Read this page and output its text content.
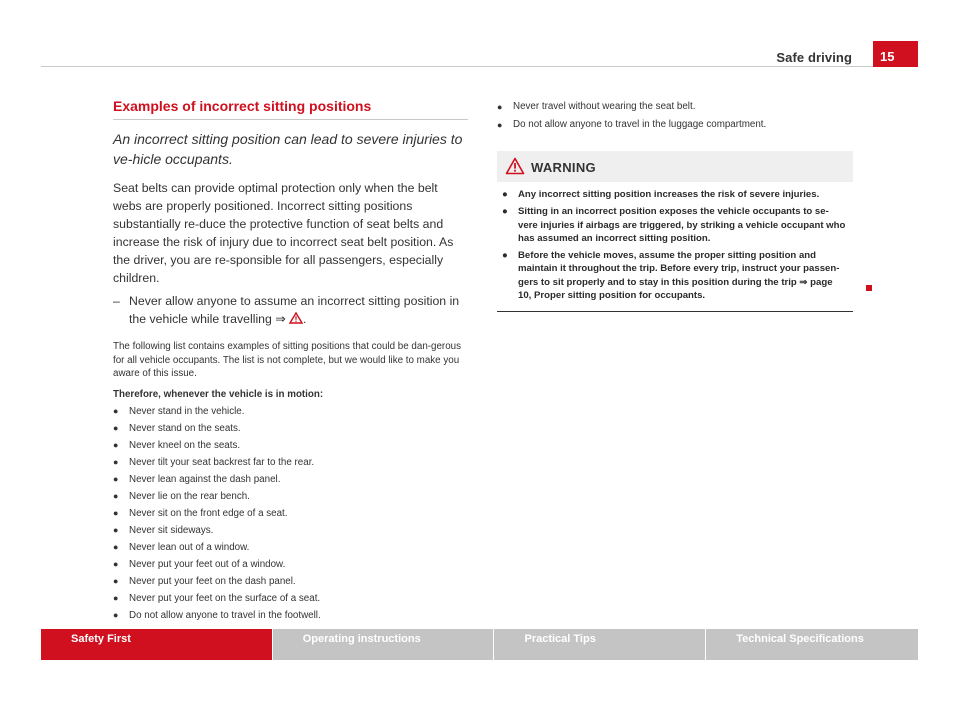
Safe driving	15
Examples of incorrect sitting positions
An incorrect sitting position can lead to severe injuries to ve-hicle occupants.
Seat belts can provide optimal protection only when the belt webs are properly positioned. Incorrect sitting positions substantially re-duce the protective function of seat belts and increase the risk of injury due to incorrect seat belt position. As the driver, you are re-sponsible for all passengers, especially children.
– Never allow anyone to assume an incorrect sitting position in the vehicle while travelling ⇒ .
The following list contains examples of sitting positions that could be dan-gerous for all vehicle occupants. The list is not complete, but we would like to make you aware of this issue.
Therefore, whenever the vehicle is in motion:
● Never stand in the vehicle.
● Never stand on the seats.
● Never kneel on the seats.
● Never tilt your seat backrest far to the rear.
● Never lean against the dash panel.
● Never lie on the rear bench.
● Never sit on the front edge of a seat.
● Never sit sideways.
● Never lean out of a window.
● Never put your feet out of a window.
● Never put your feet on the dash panel.
● Never put your feet on the surface of a seat.
● Do not allow anyone to travel in the footwell.
● Never travel without wearing the seat belt.
● Do not allow anyone to travel in the luggage compartment.
WARNING

● Any incorrect sitting position increases the risk of severe injuries.

● Sitting in an incorrect position exposes the vehicle occupants to se-vere injuries if airbags are triggered, by striking a vehicle occupant who has assumed an incorrect sitting position.

● Before the vehicle moves, assume the proper sitting position and maintain it throughout the trip. Before every trip, instruct your passen-gers to sit properly and to stay in this position during the trip ⇒ page 10, Proper sitting position for occupants.

Safety First	Operating instructions	Practical Tips	Technical Specifications
